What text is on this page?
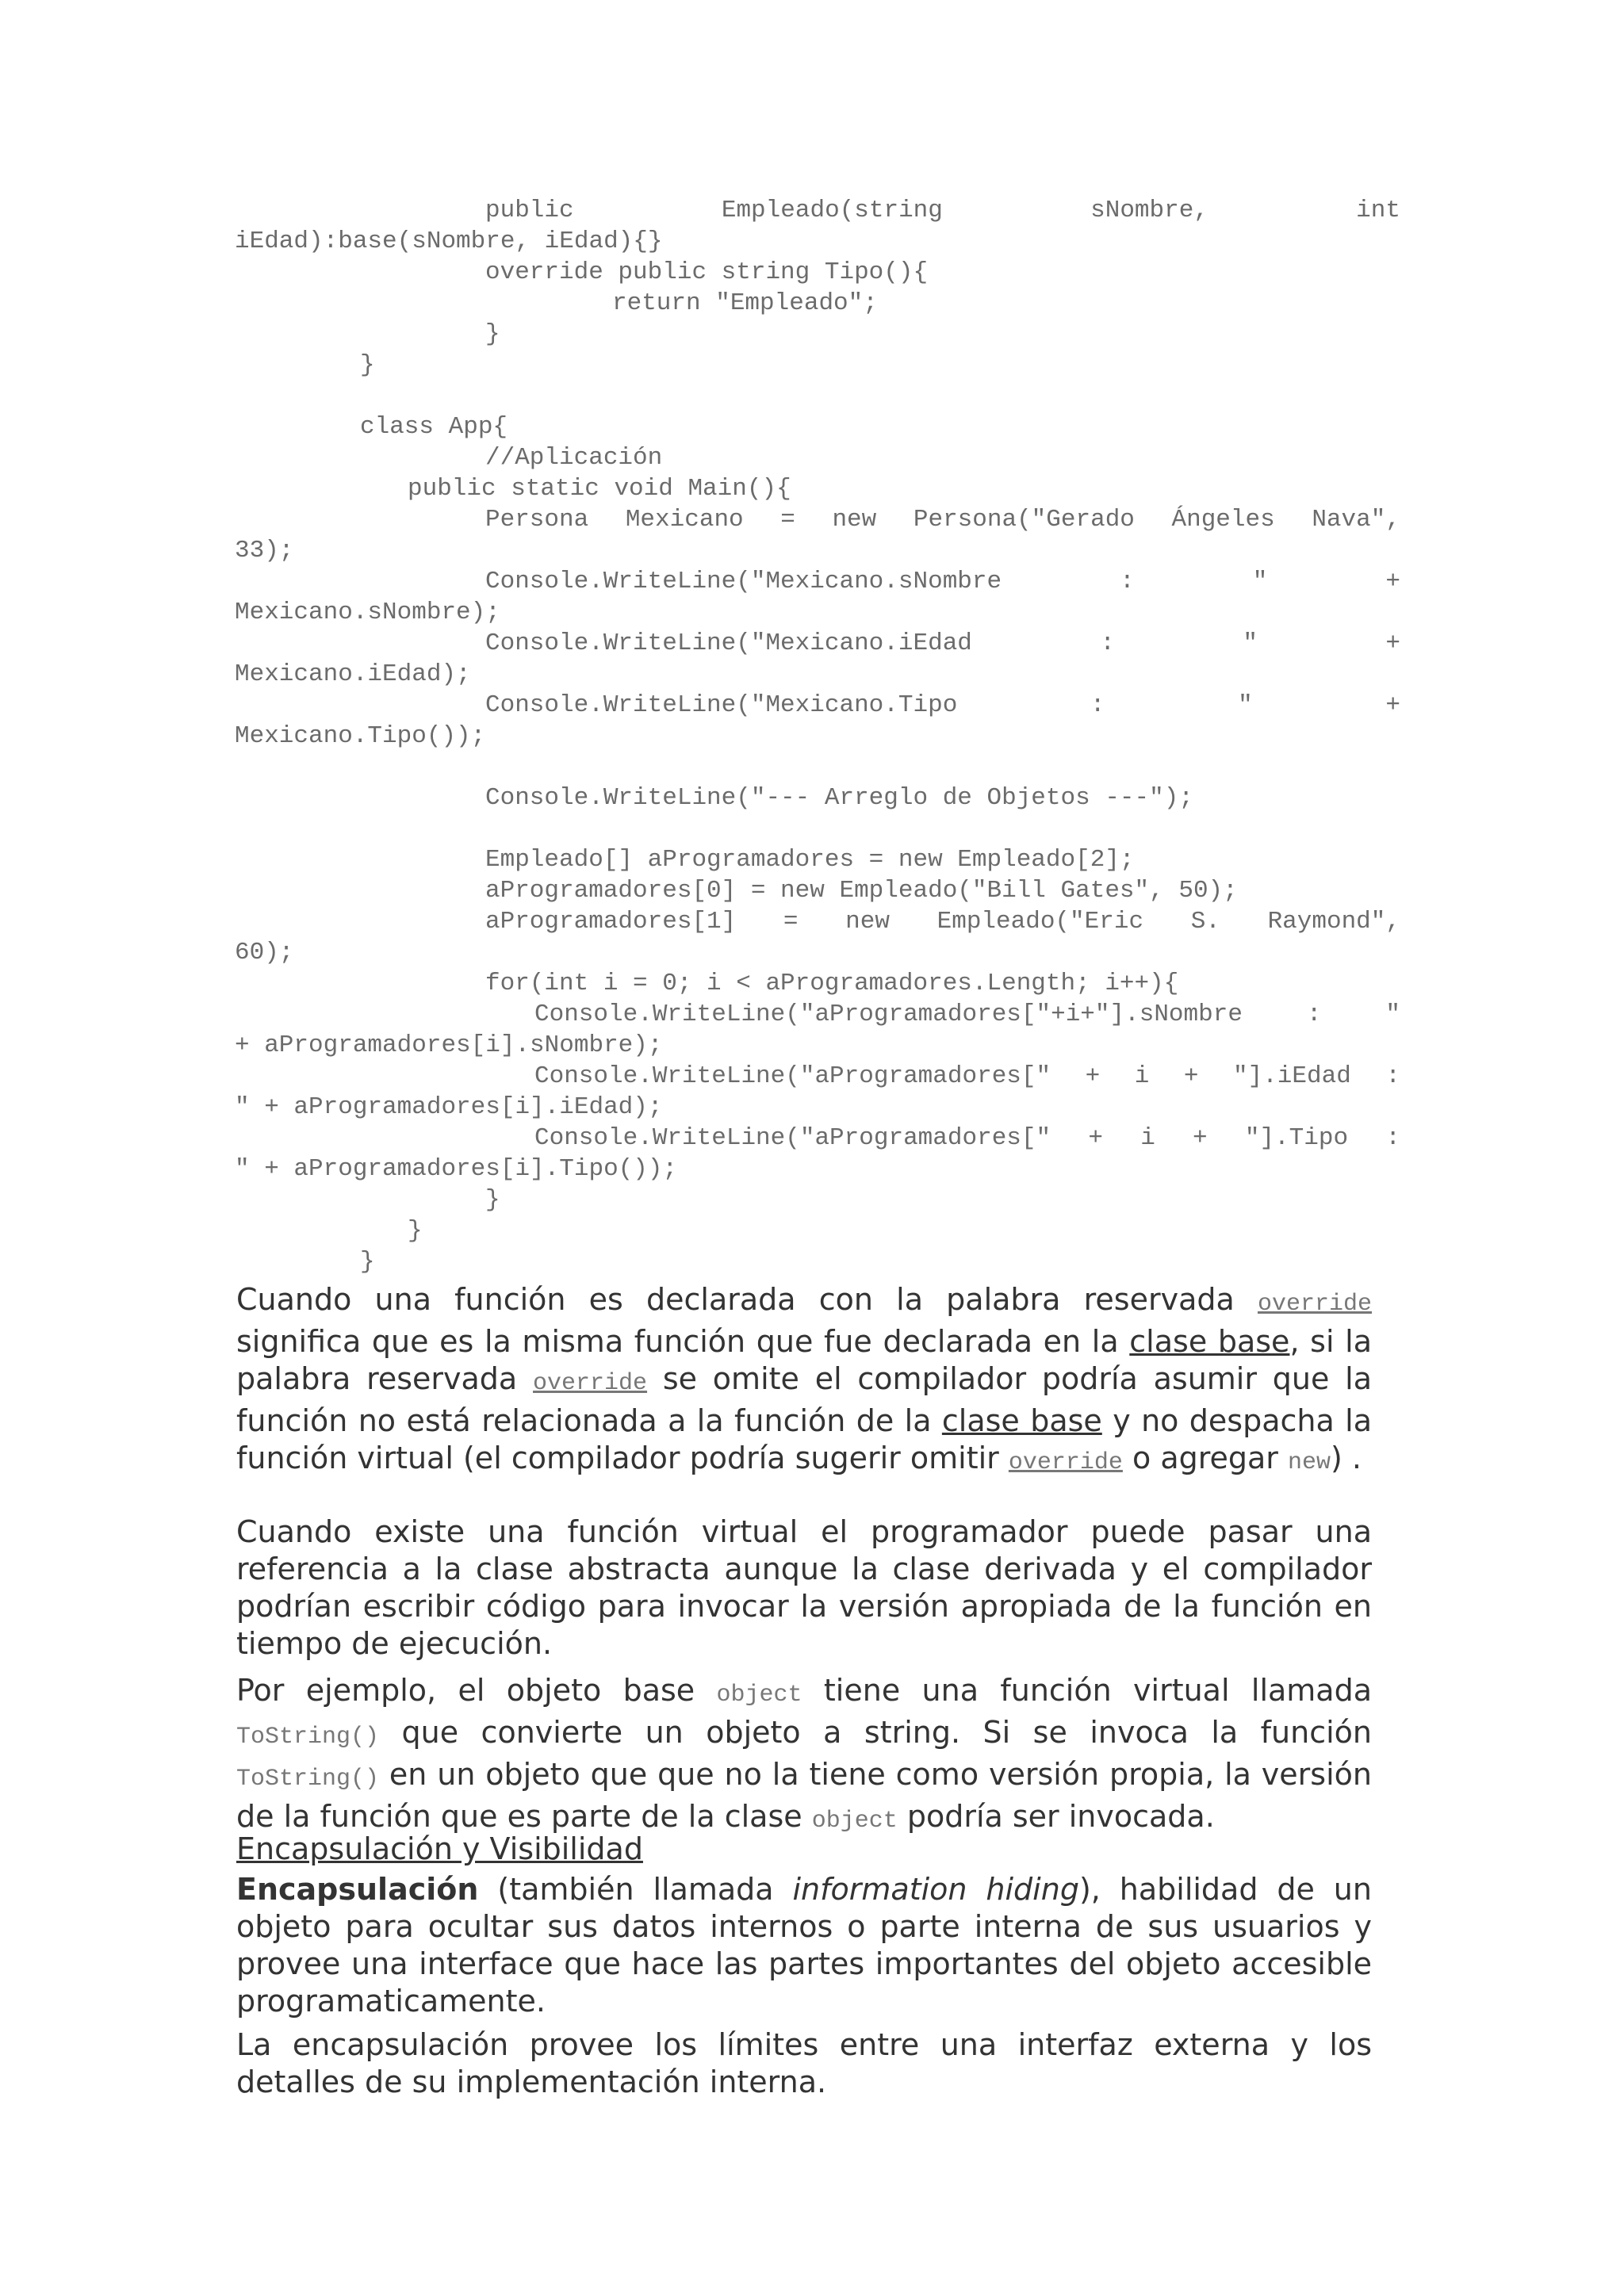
public	Empleado(string	sNombre,	int
iEdad):base(sNombre, iEdad){}
override public string Tipo(){
return "Empleado";
}
}
class App{
//Aplicación
public static void Main(){
Persona Mexicano = new Persona("Gerado Ángeles Nava",
33);
Console.WriteLine("Mexicano.sNombre	:	"	+
Mexicano.sNombre);
Console.WriteLine("Mexicano.iEdad	:	"	+
Mexicano.iEdad);
Console.WriteLine("Mexicano.Tipo	:	"	+
Mexicano.Tipo());
Console.WriteLine("--- Arreglo de Objetos ---");
Empleado[] aProgramadores = new Empleado[2];
aProgramadores[0] = new Empleado("Bill Gates", 50);
aProgramadores[1] = new Empleado("Eric S. Raymond",
60);
for(int i = 0; i < aProgramadores.Length; i++){
Console.WriteLine("aProgramadores["+i+"].sNombre	:	"
+ aProgramadores[i].sNombre);
Console.WriteLine("aProgramadores[" + i + "].iEdad :
" + aProgramadores[i].iEdad);
Console.WriteLine("aProgramadores[" + i + "].Tipo :
" + aProgramadores[i].Tipo());
}
}
}

Cuando una función es declarada con la palabra reservada override significa que es la misma función que fue declarada en la clase base, si la palabra reservada override se omite el compilador podría asumir que la función no está relacionada a la función de la clase base y no despacha la función virtual (el compilador podría sugerir omitir override o agregar new) .

Cuando existe una función virtual el programador puede pasar una referencia a la clase abstracta aunque la clase derivada y el compilador podrían escribir código para invocar la versión apropiada de la función en tiempo de ejecución.

Por ejemplo, el objeto base object tiene una función virtual llamada ToString() que convierte un objeto a string. Si se invoca la función ToString() en un objeto que que no la tiene como versión propia, la versión de la función que es parte de la clase object podría ser invocada.

Encapsulación y Visibilidad

Encapsulación (también llamada information hiding), habilidad de un objeto para ocultar sus datos internos o parte interna de sus usuarios y provee una interface que hace las partes importantes del objeto accesible programaticamente.

La encapsulación provee los límites entre una interfaz externa y los detalles de su implementación interna.
